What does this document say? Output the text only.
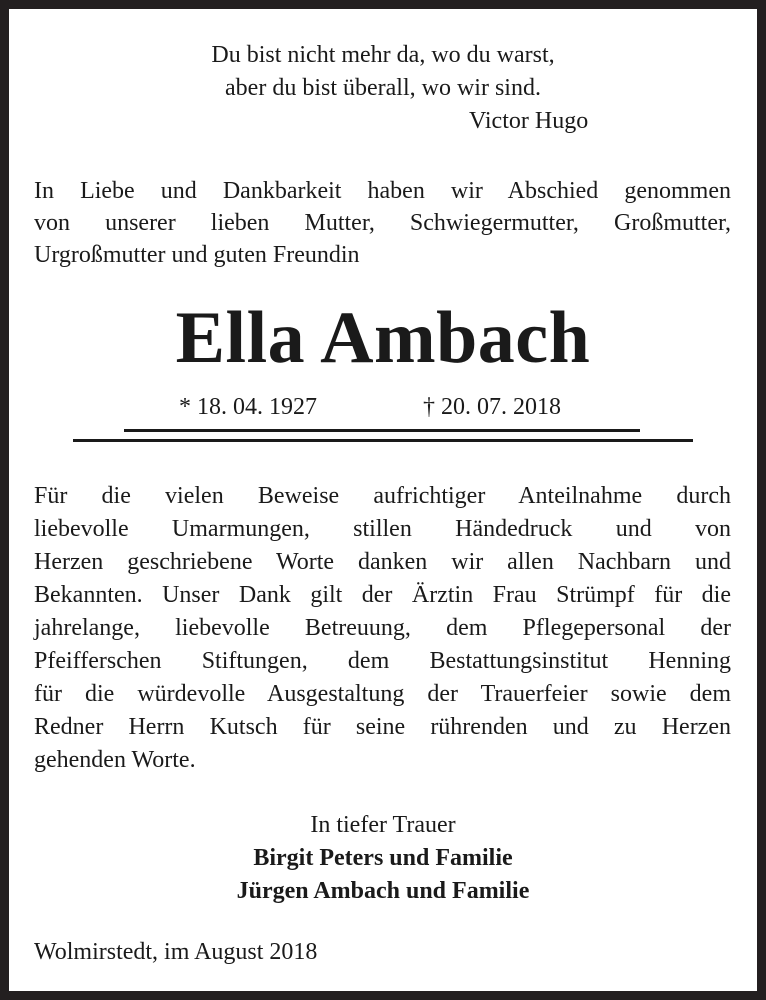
Du bist nicht mehr da, wo du warst,
aber du bist überall, wo wir sind.
Victor Hugo
In Liebe und Dankbarkeit haben wir Abschied genommen
von unserer lieben Mutter, Schwiegermutter, Großmutter,
Urgroßmutter und guten Freundin
Ella Ambach
* 18. 04. 1927	† 20. 07. 2018
Für die vielen Beweise aufrichtiger Anteilnahme durch
liebevolle Umarmungen, stillen Händedruck und von
Herzen geschriebene Worte danken wir allen Nachbarn und
Bekannten. Unser Dank gilt der Ärztin Frau Strümpf für die
jahrelange, liebevolle Betreuung, dem Pflegepersonal der
Pfeifferschen Stiftungen, dem Bestattungsinstitut Henning
für die würdevolle Ausgestaltung der Trauerfeier sowie dem
Redner Herrn Kutsch für seine rührenden und zu Herzen
gehenden Worte.
In tiefer Trauer
Birgit Peters und Familie
Jürgen Ambach und Familie
Wolmirstedt, im August 2018
